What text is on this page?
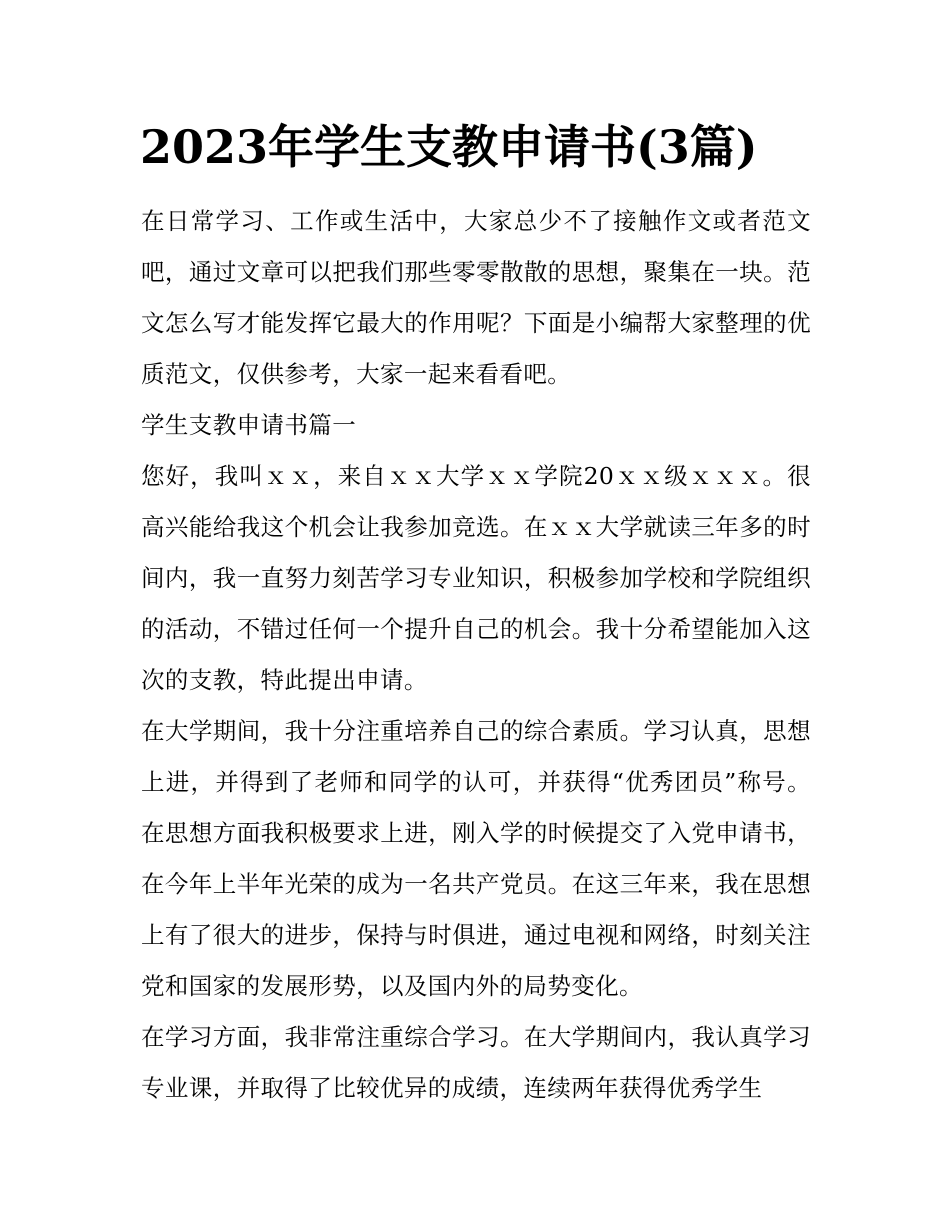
2023年学生支教申请书(3篇)

在日常学习、工作或生活中，大家总少不了接触作文或者范文吧，通过文章可以把我们那些零零散散的思想，聚集在一块。范文怎么写才能发挥它最大的作用呢？下面是小编帮大家整理的优质范文，仅供参考，大家一起来看看吧。

学生支教申请书篇一

您好，我叫ｘｘ，来自ｘｘ大学ｘｘ学院20ｘｘ级ｘｘｘ。很高兴能给我这个机会让我参加竞选。在ｘｘ大学就读三年多的时间内，我一直努力刻苦学习专业知识，积极参加学校和学院组织的活动，不错过任何一个提升自己的机会。我十分希望能加入这次的支教，特此提出申请。

在大学期间，我十分注重培养自己的综合素质。学习认真，思想上进，并得到了老师和同学的认可，并获得“优秀团员”称号。在思想方面我积极要求上进，刚入学的时候提交了入党申请书，在今年上半年光荣的成为一名共产党员。在这三年来，我在思想上有了很大的进步，保持与时俱进，通过电视和网络，时刻关注党和国家的发展形势，以及国内外的局势变化。

在学习方面，我非常注重综合学习。在大学期间内，我认真学习专业课，并取得了比较优异的成绩，连续两年获得优秀学生
